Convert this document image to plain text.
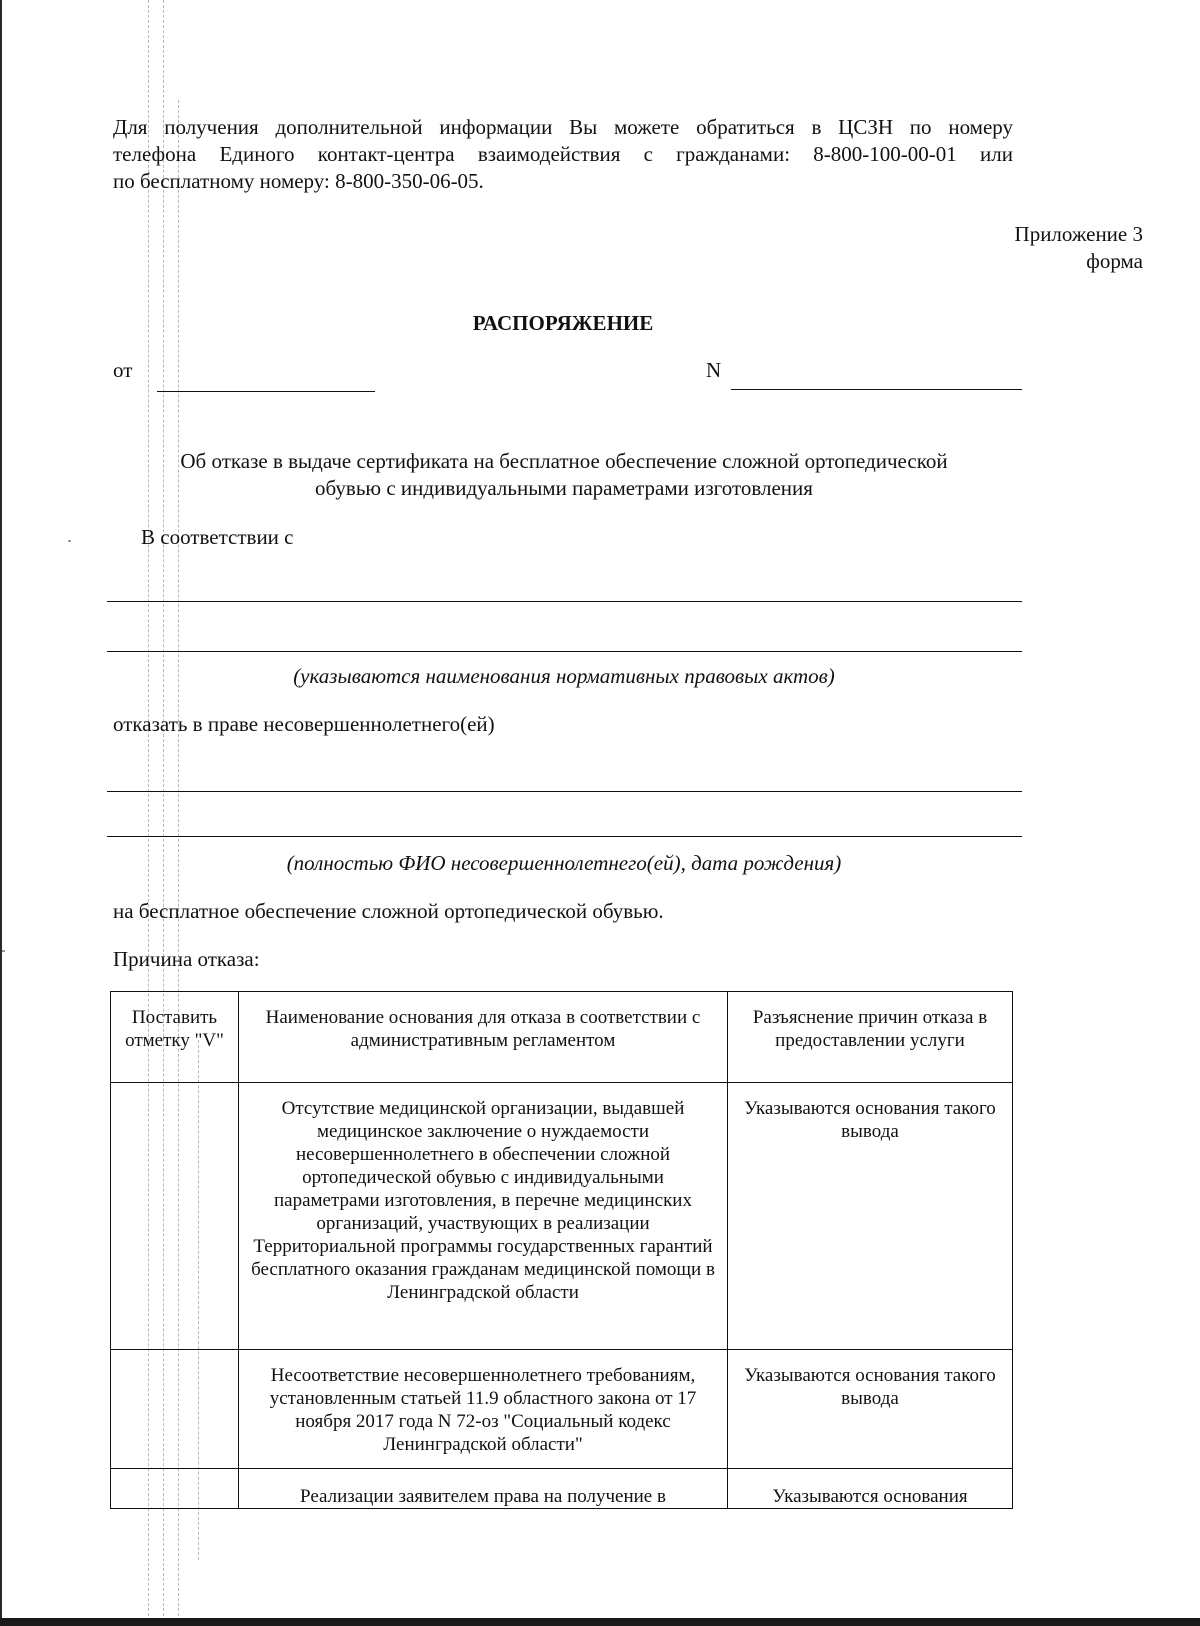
Для получения дополнительной информации Вы можете обратиться в ЦСЗН по номеру
телефона Единого контакт-центра взаимодействия с гражданами: 8-800-100-00-01 или
по бесплатному номеру: 8-800-350-06-05.
Приложение 3
форма
РАСПОРЯЖЕНИЕ
от	N
Об отказе в выдаче сертификата на бесплатное обеспечение сложной ортопедической
обувью с индивидуальными параметрами изготовления
В соответствии с
(указываются наименования нормативных правовых актов)
отказать в праве несовершеннолетнего(ей)
(полностью ФИО несовершеннолетнего(ей), дата рождения)
на бесплатное обеспечение сложной ортопедической обувью.
Причина отказа:
Поставить отметку "V"	Наименование основания для отказа в соответствии с административным регламентом	Разъяснение причин отказа в предоставлении услуги
	Отсутствие медицинской организации, выдавшей медицинское заключение о нуждаемости несовершеннолетнего в обеспечении сложной ортопедической обувью с индивидуальными параметрами изготовления, в перечне медицинских организаций, участвующих в реализации Территориальной программы государственных гарантий бесплатного оказания гражданам медицинской помощи в Ленинградской области	Указываются основания такого вывода
	Несоответствие несовершеннолетнего требованиям, установленным статьей 11.9 областного закона от 17 ноября 2017 года N 72-оз "Социальный кодекс Ленинградской области"	Указываются основания такого вывода
	Реализации заявителем права на получение в	Указываются основания
